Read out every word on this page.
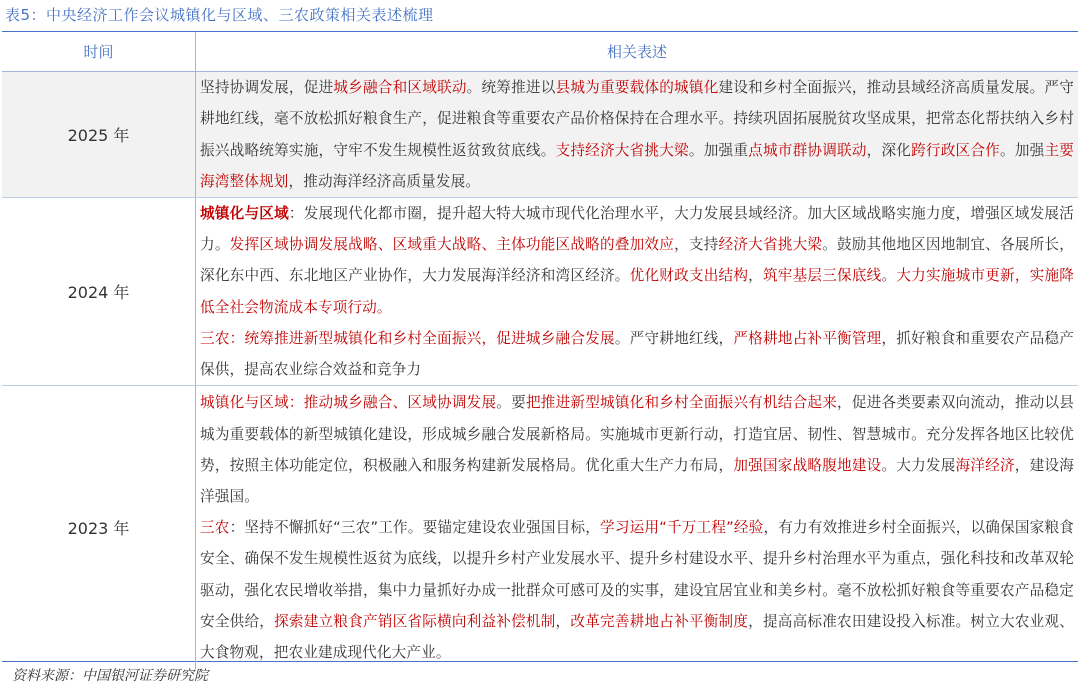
表5：中央经济工作会议城镇化与区域、三农政策相关表述梳理
时间	相关表述
2025 年	坚持协调发展，促进城乡融合和区域联动。统筹推进以县城为重要载体的城镇化建设和乡村全面振兴，推动县域经济高质量发展。严守耕地红线，毫不放松抓好粮食生产，促进粮食等重要农产品价格保持在合理水平。持续巩固拓展脱贫攻坚成果，把常态化帮扶纳入乡村振兴战略统筹实施，守牢不发生规模性返贫致贫底线。支持经济大省挑大梁。加强重点城市群协调联动，深化跨行政区合作。加强主要海湾整体规划，推动海洋经济高质量发展。

2024 年	城镇化与区域：发展现代化都市圈，提升超大特大城市现代化治理水平，大力发展县域经济。加大区域战略实施力度，增强区域发展活力。发挥区域协调发展战略、区域重大战略、主体功能区战略的叠加效应，支持经济大省挑大梁。鼓励其他地区因地制宜、各展所长，深化东中西、东北地区产业协作，大力发展海洋经济和湾区经济。优化财政支出结构，筑牢基层三保底线。大力实施城市更新，实施降低全社会物流成本专项行动。
三农：统筹推进新型城镇化和乡村全面振兴，促进城乡融合发展。严守耕地红线，严格耕地占补平衡管理，抓好粮食和重要农产品稳产保供，提高农业综合效益和竞争力

2023 年	城镇化与区域：推动城乡融合、区域协调发展。要把推进新型城镇化和乡村全面振兴有机结合起来，促进各类要素双向流动，推动以县城为重要载体的新型城镇化建设，形成城乡融合发展新格局。实施城市更新行动，打造宜居、韧性、智慧城市。充分发挥各地区比较优势，按照主体功能定位，积极融入和服务构建新发展格局。优化重大生产力布局，加强国家战略腹地建设。大力发展海洋经济，建设海洋强国。
三农：坚持不懈抓好“三农”工作。要锚定建设农业强国目标，学习运用“千万工程”经验，有力有效推进乡村全面振兴，以确保国家粮食安全、确保不发生规模性返贫为底线，以提升乡村产业发展水平、提升乡村建设水平、提升乡村治理水平为重点，强化科技和改革双轮驱动，强化农民增收举措，集中力量抓好办成一批群众可感可及的实事，建设宜居宜业和美乡村。毫不放松抓好粮食等重要农产品稳定安全供给，探索建立粮食产销区省际横向利益补偿机制，改革完善耕地占补平衡制度，提高高标准农田建设投入标准。树立大农业观、大食物观，把农业建成现代化大产业。
资料来源：中国银河证券研究院
